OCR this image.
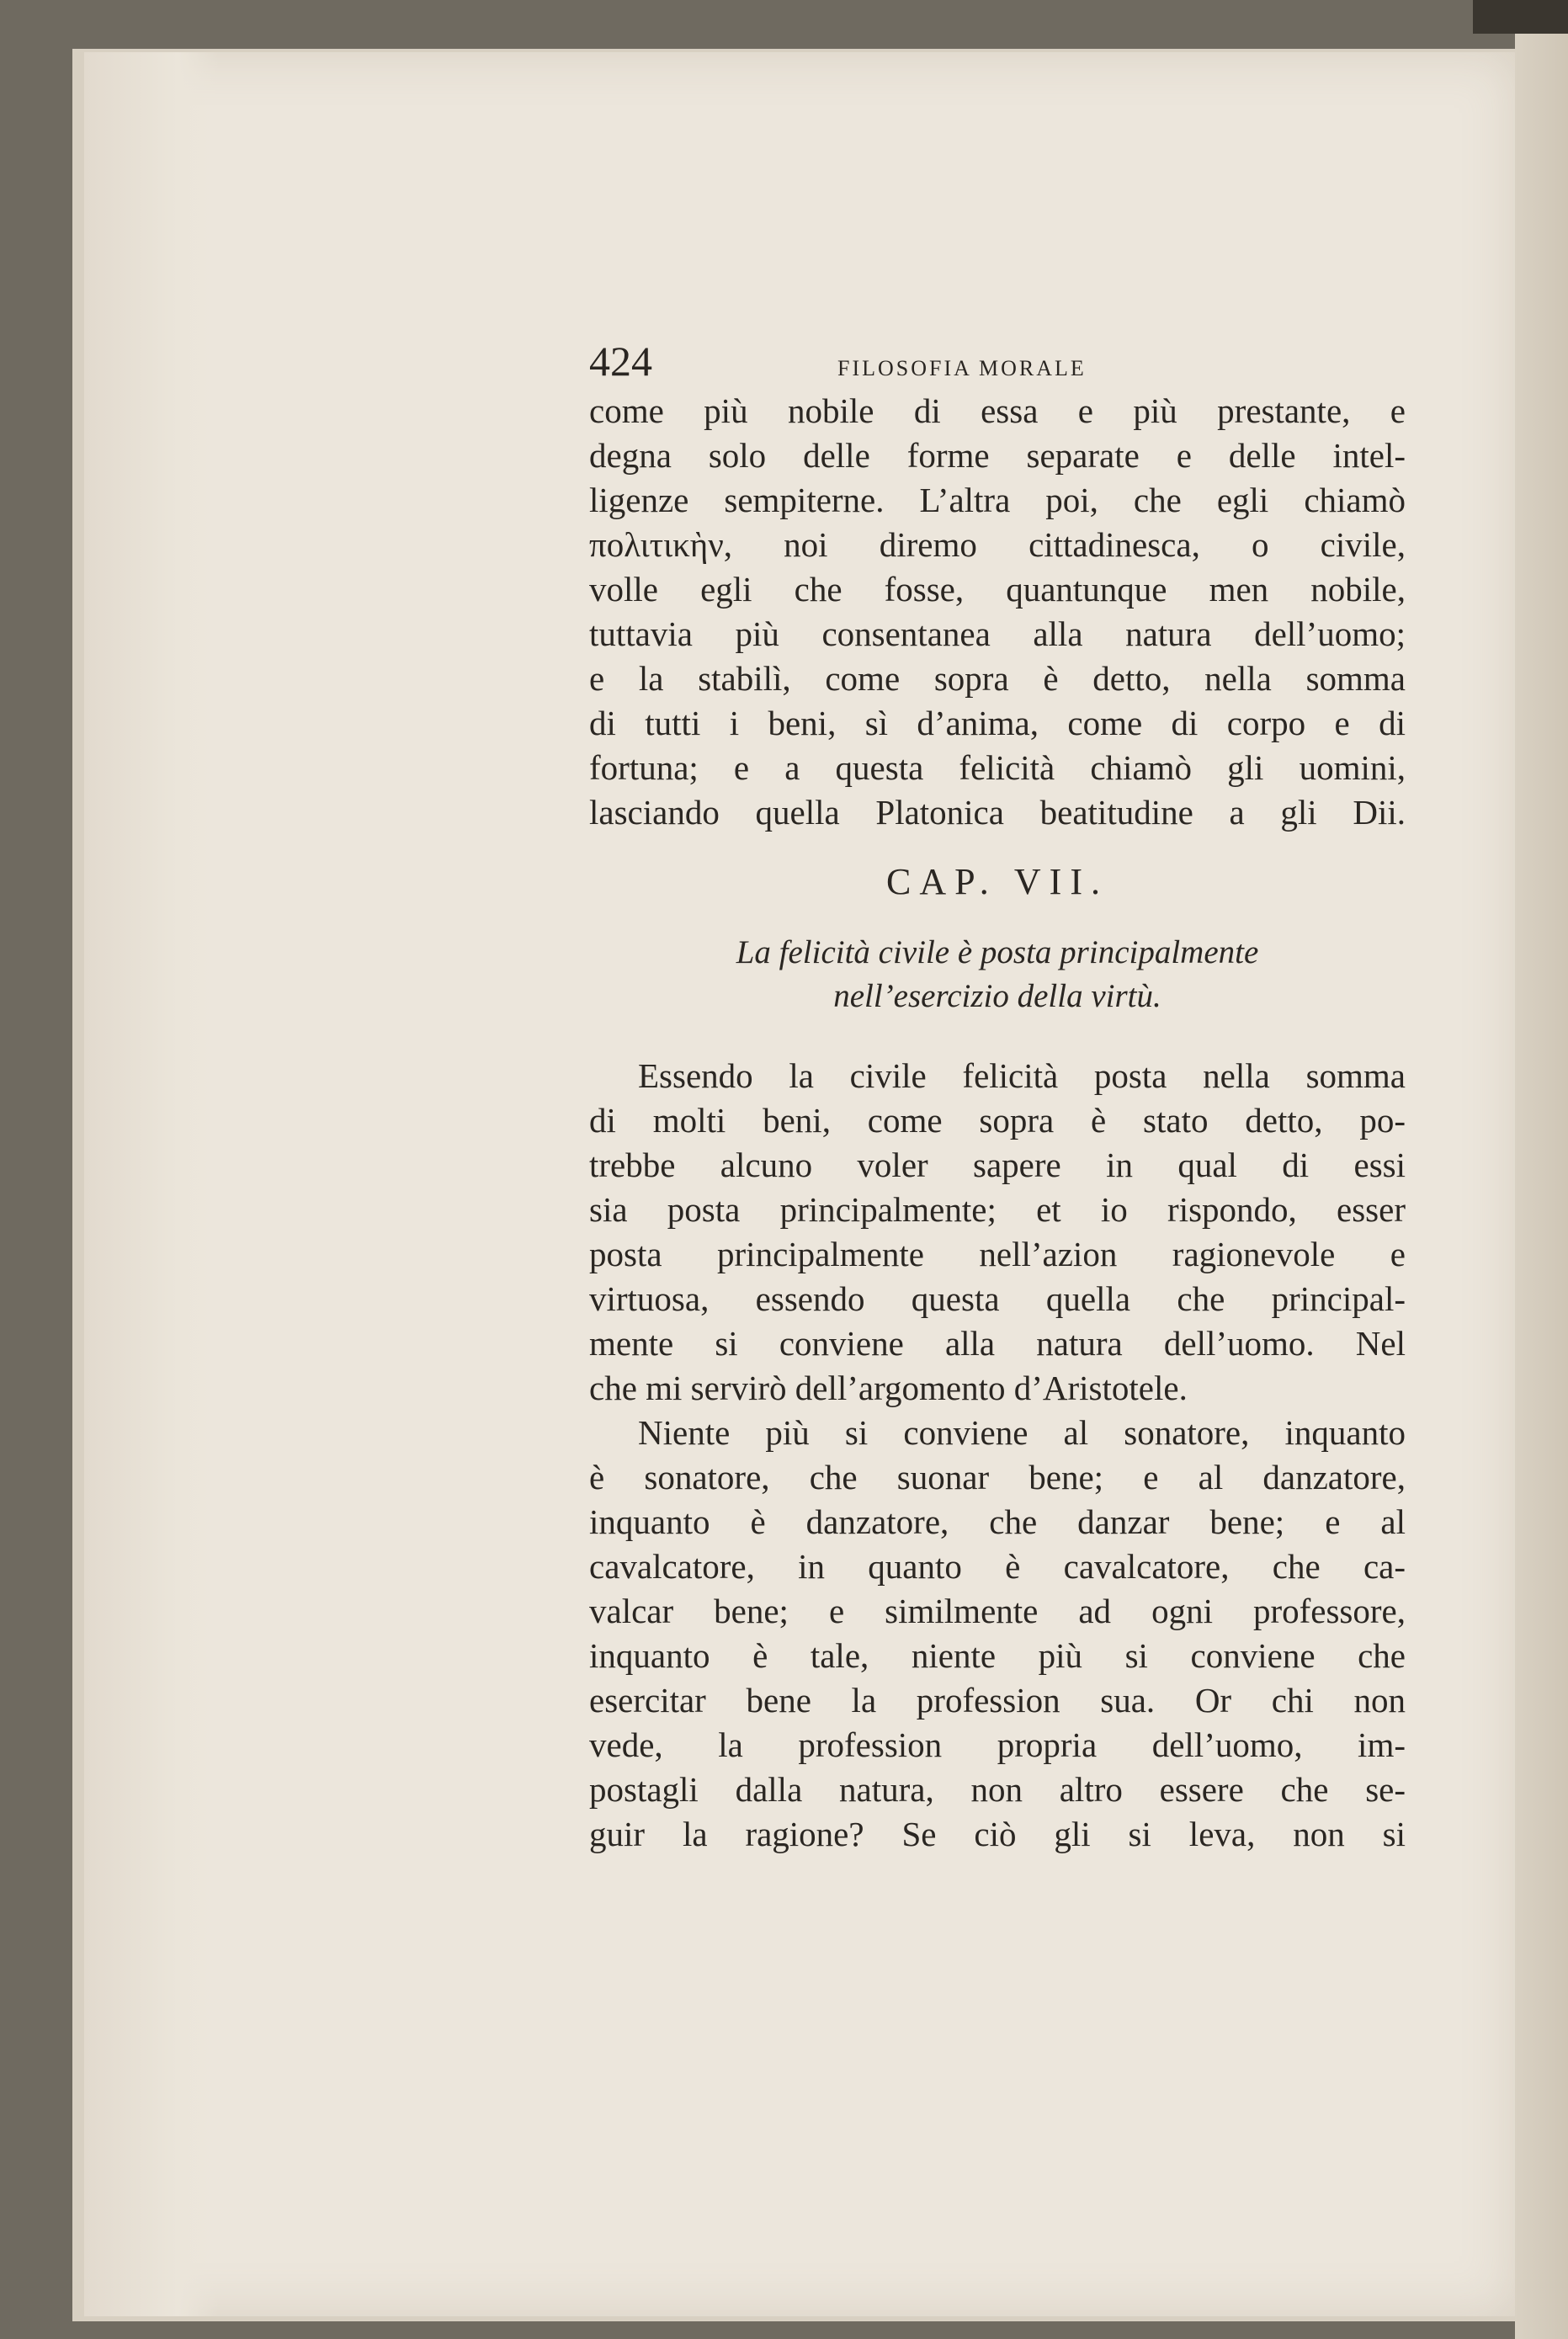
424	FILOSOFIA MORALE
come più nobile di essa e più prestante, e
degna solo delle forme separate e delle intel-
ligenze sempiterne. L’altra poi, che egli chiamò
πολιτικὴν, noi diremo cittadinesca, o civile,
volle egli che fosse, quantunque men nobile,
tuttavia più consentanea alla natura dell’uomo;
e la stabilì, come sopra è detto, nella somma
di tutti i beni, sì d’anima, come di corpo e di
fortuna; e a questa felicità chiamò gli uomini,
lasciando quella Platonica beatitudine a gli Dii.
CAP. VII.
La felicità civile è posta principalmente
nell’esercizio della virtù.
Essendo la civile felicità posta nella somma
di molti beni, come sopra è stato detto, po-
trebbe alcuno voler sapere in qual di essi
sia posta principalmente; et io rispondo, esser
posta principalmente nell’azion ragionevole e
virtuosa, essendo questa quella che principal-
mente si conviene alla natura dell’uomo. Nel
che mi servirò dell’argomento d’Aristotele.
Niente più si conviene al sonatore, inquanto
è sonatore, che suonar bene; e al danzatore,
inquanto è danzatore, che danzar bene; e al
cavalcatore, in quanto è cavalcatore, che ca-
valcar bene; e similmente ad ogni professore,
inquanto è tale, niente più si conviene che
esercitar bene la profession sua. Or chi non
vede, la profession propria dell’uomo, im-
postagli dalla natura, non altro essere che se-
guir la ragione? Se ciò gli si leva, non si
